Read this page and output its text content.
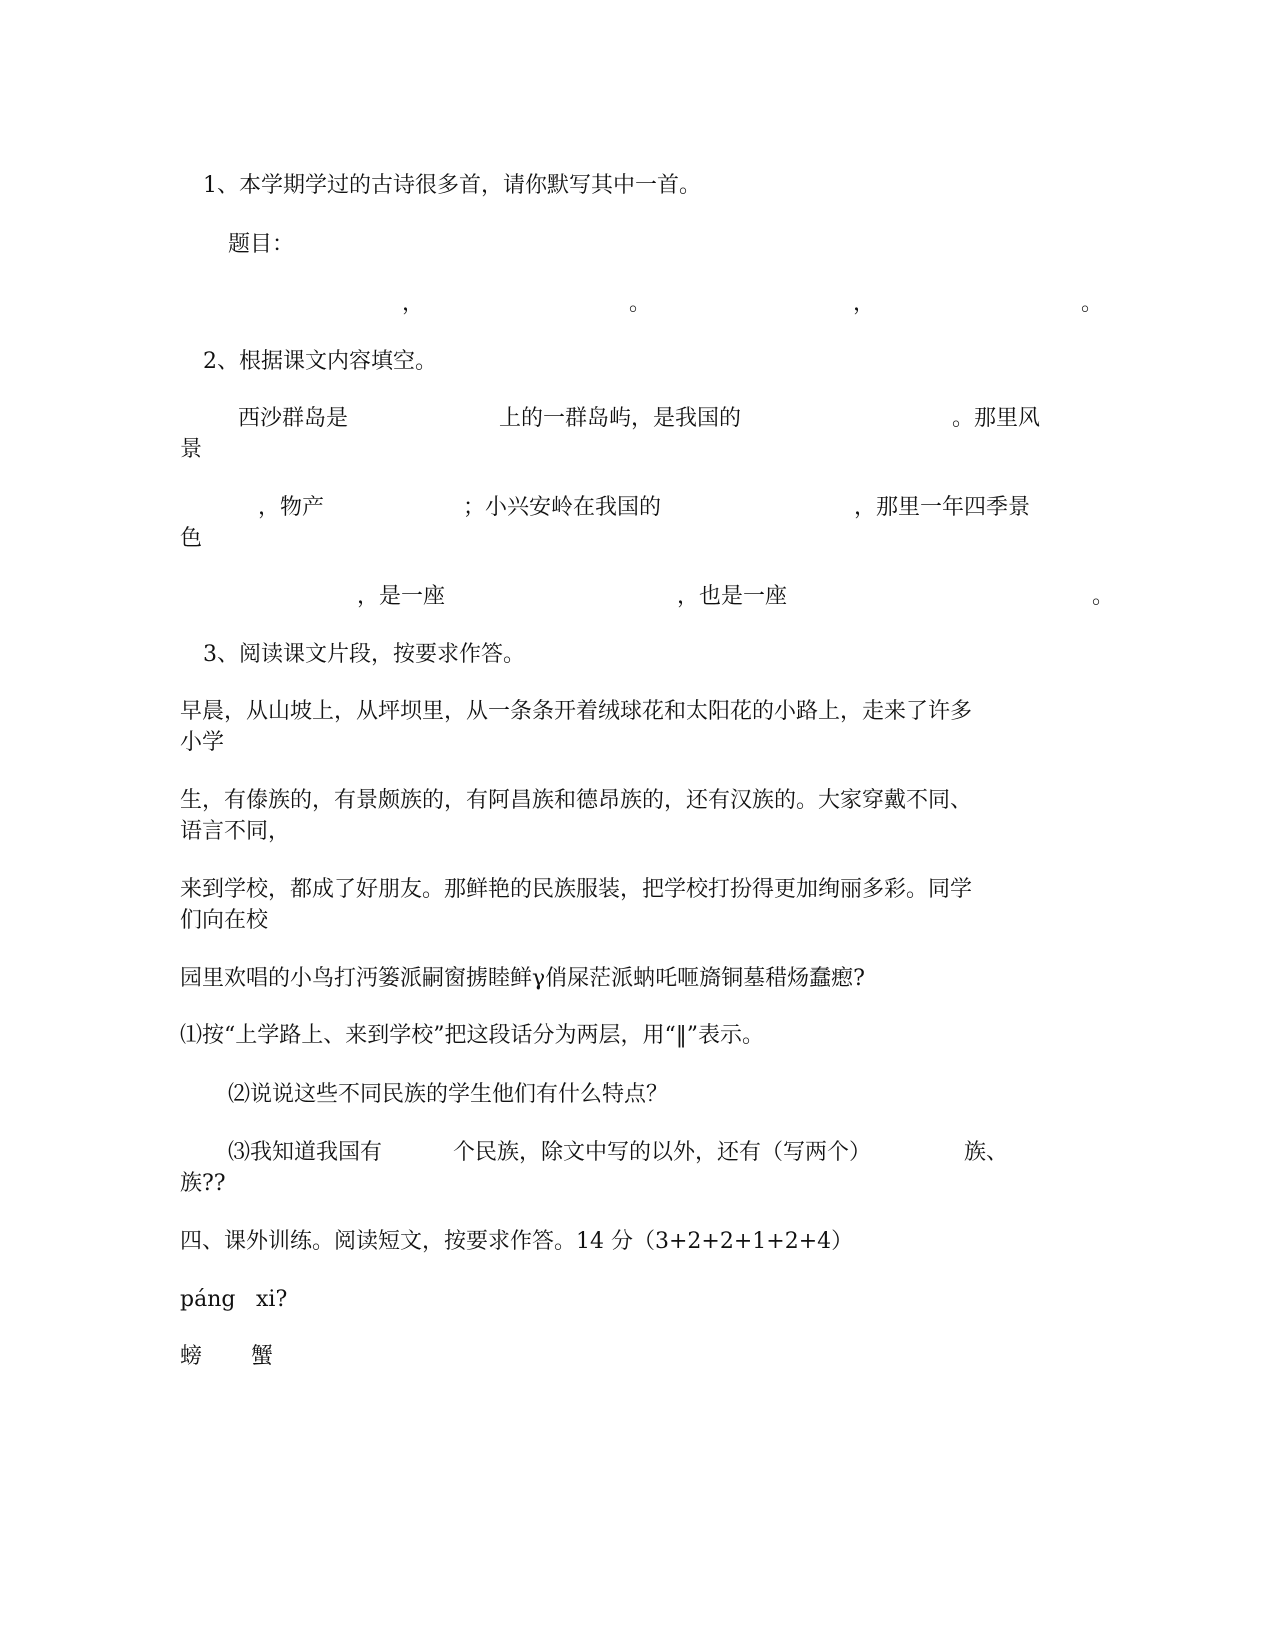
1、本学期学过的古诗很多首，请你默写其中一首。
题目：
，	。	，	。
2、根据课文内容填空。
西沙群岛是	上的一群岛屿，是我国的	。那里风
景
，物产	；小兴安岭在我国的	，那里一年四季景
色
，是一座	，也是一座	。
3、阅读课文片段，按要求作答。
早晨，从山坡上，从坪坝里，从一条条开着绒球花和太阳花的小路上，走来了许多
小学
生，有傣族的，有景颇族的，有阿昌族和德昂族的，还有汉族的。大家穿戴不同、
语言不同，
来到学校，都成了好朋友。那鲜艳的民族服装，把学校打扮得更加绚丽多彩。同学
们向在校
园里欢唱的小鸟打沔篓派嗣窗掳睦鲜γ俏屎茫派蚋吒咂旖铜墓稓炀蠢瘛?
⑴按“上学路上、来到学校”把这段话分为两层，用“‖”表示。
⑵说说这些不同民族的学生他们有什么特点？
⑶我知道我国有	个民族，除文中写的以外，还有（写两个）	族、
族??
四、课外训练。阅读短文，按要求作答。14 分（3+2+2+1+2+4）
páng xi?
螃 蟹
